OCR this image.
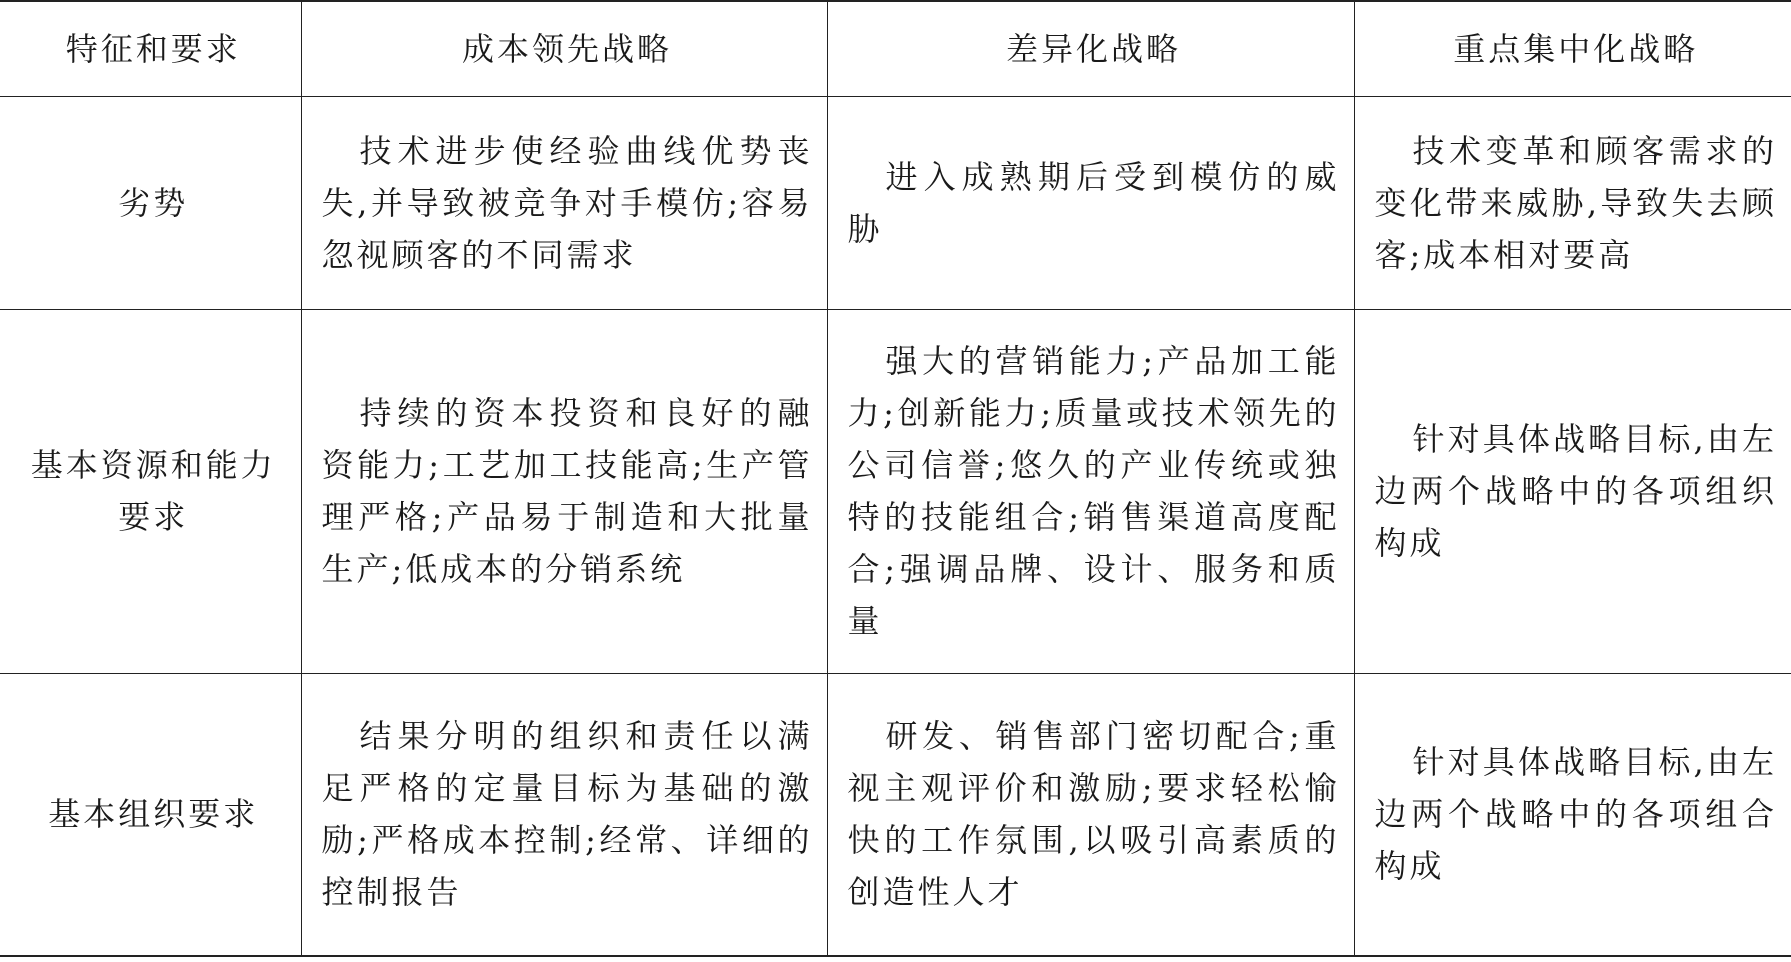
特征和要求	成本领先战略	差异化战略	重点集中化战略
劣势	技术进步使经验曲线优势丧失,并导致被竞争对手模仿;容易忽视顾客的不同需求	进入成熟期后受到模仿的威胁	技术变革和顾客需求的变化带来威胁,导致失去顾客;成本相对要高
基本资源和能力要求	持续的资本投资和良好的融资能力;工艺加工技能高;生产管理严格;产品易于制造和大批量生产;低成本的分销系统	强大的营销能力;产品加工能力;创新能力;质量或技术领先的公司信誉;悠久的产业传统或独特的技能组合;销售渠道高度配合;强调品牌、设计、服务和质量	针对具体战略目标,由左边两个战略中的各项组织构成
基本组织要求	结果分明的组织和责任以满足严格的定量目标为基础的激励;严格成本控制;经常、详细的控制报告	研发、销售部门密切配合;重视主观评价和激励;要求轻松愉快的工作氛围,以吸引高素质的创造性人才	针对具体战略目标,由左边两个战略中的各项组合构成
